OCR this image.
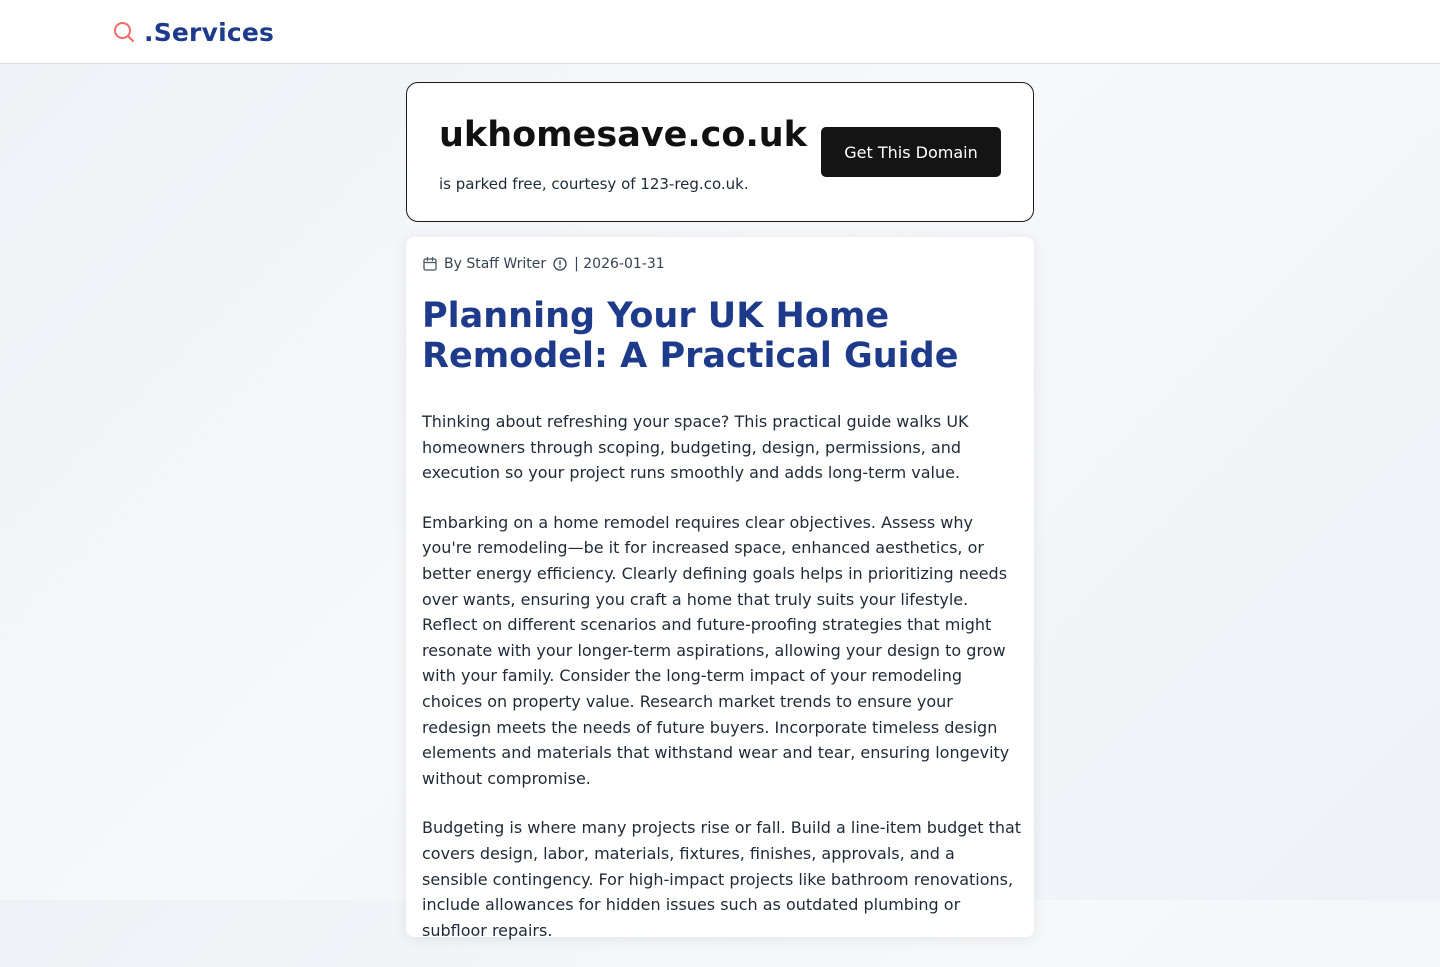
.Services
ukhomesave.co.uk
is parked free, courtesy of 123-reg.co.uk.
Get This Domain
By Staff Writer | 2026-01-31
Planning Your UK Home Remodel: A Practical Guide

Thinking about refreshing your space? This practical guide walks UK homeowners through scoping, budgeting, design, permissions, and execution so your project runs smoothly and adds long-term value.

Embarking on a home remodel requires clear objectives. Assess why you're remodeling—be it for increased space, enhanced aesthetics, or better energy efficiency. Clearly defining goals helps in prioritizing needs over wants, ensuring you craft a home that truly suits your lifestyle. Reflect on different scenarios and future-proofing strategies that might resonate with your longer-term aspirations, allowing your design to grow with your family. Consider the long-term impact of your remodeling choices on property value. Research market trends to ensure your redesign meets the needs of future buyers. Incorporate timeless design elements and materials that withstand wear and tear, ensuring longevity without compromise.

Budgeting is where many projects rise or fall. Build a line-item budget that covers design, labor, materials, fixtures, finishes, approvals, and a sensible contingency. For high-impact projects like bathroom renovations, include allowances for hidden issues such as outdated plumbing or subfloor repairs.
